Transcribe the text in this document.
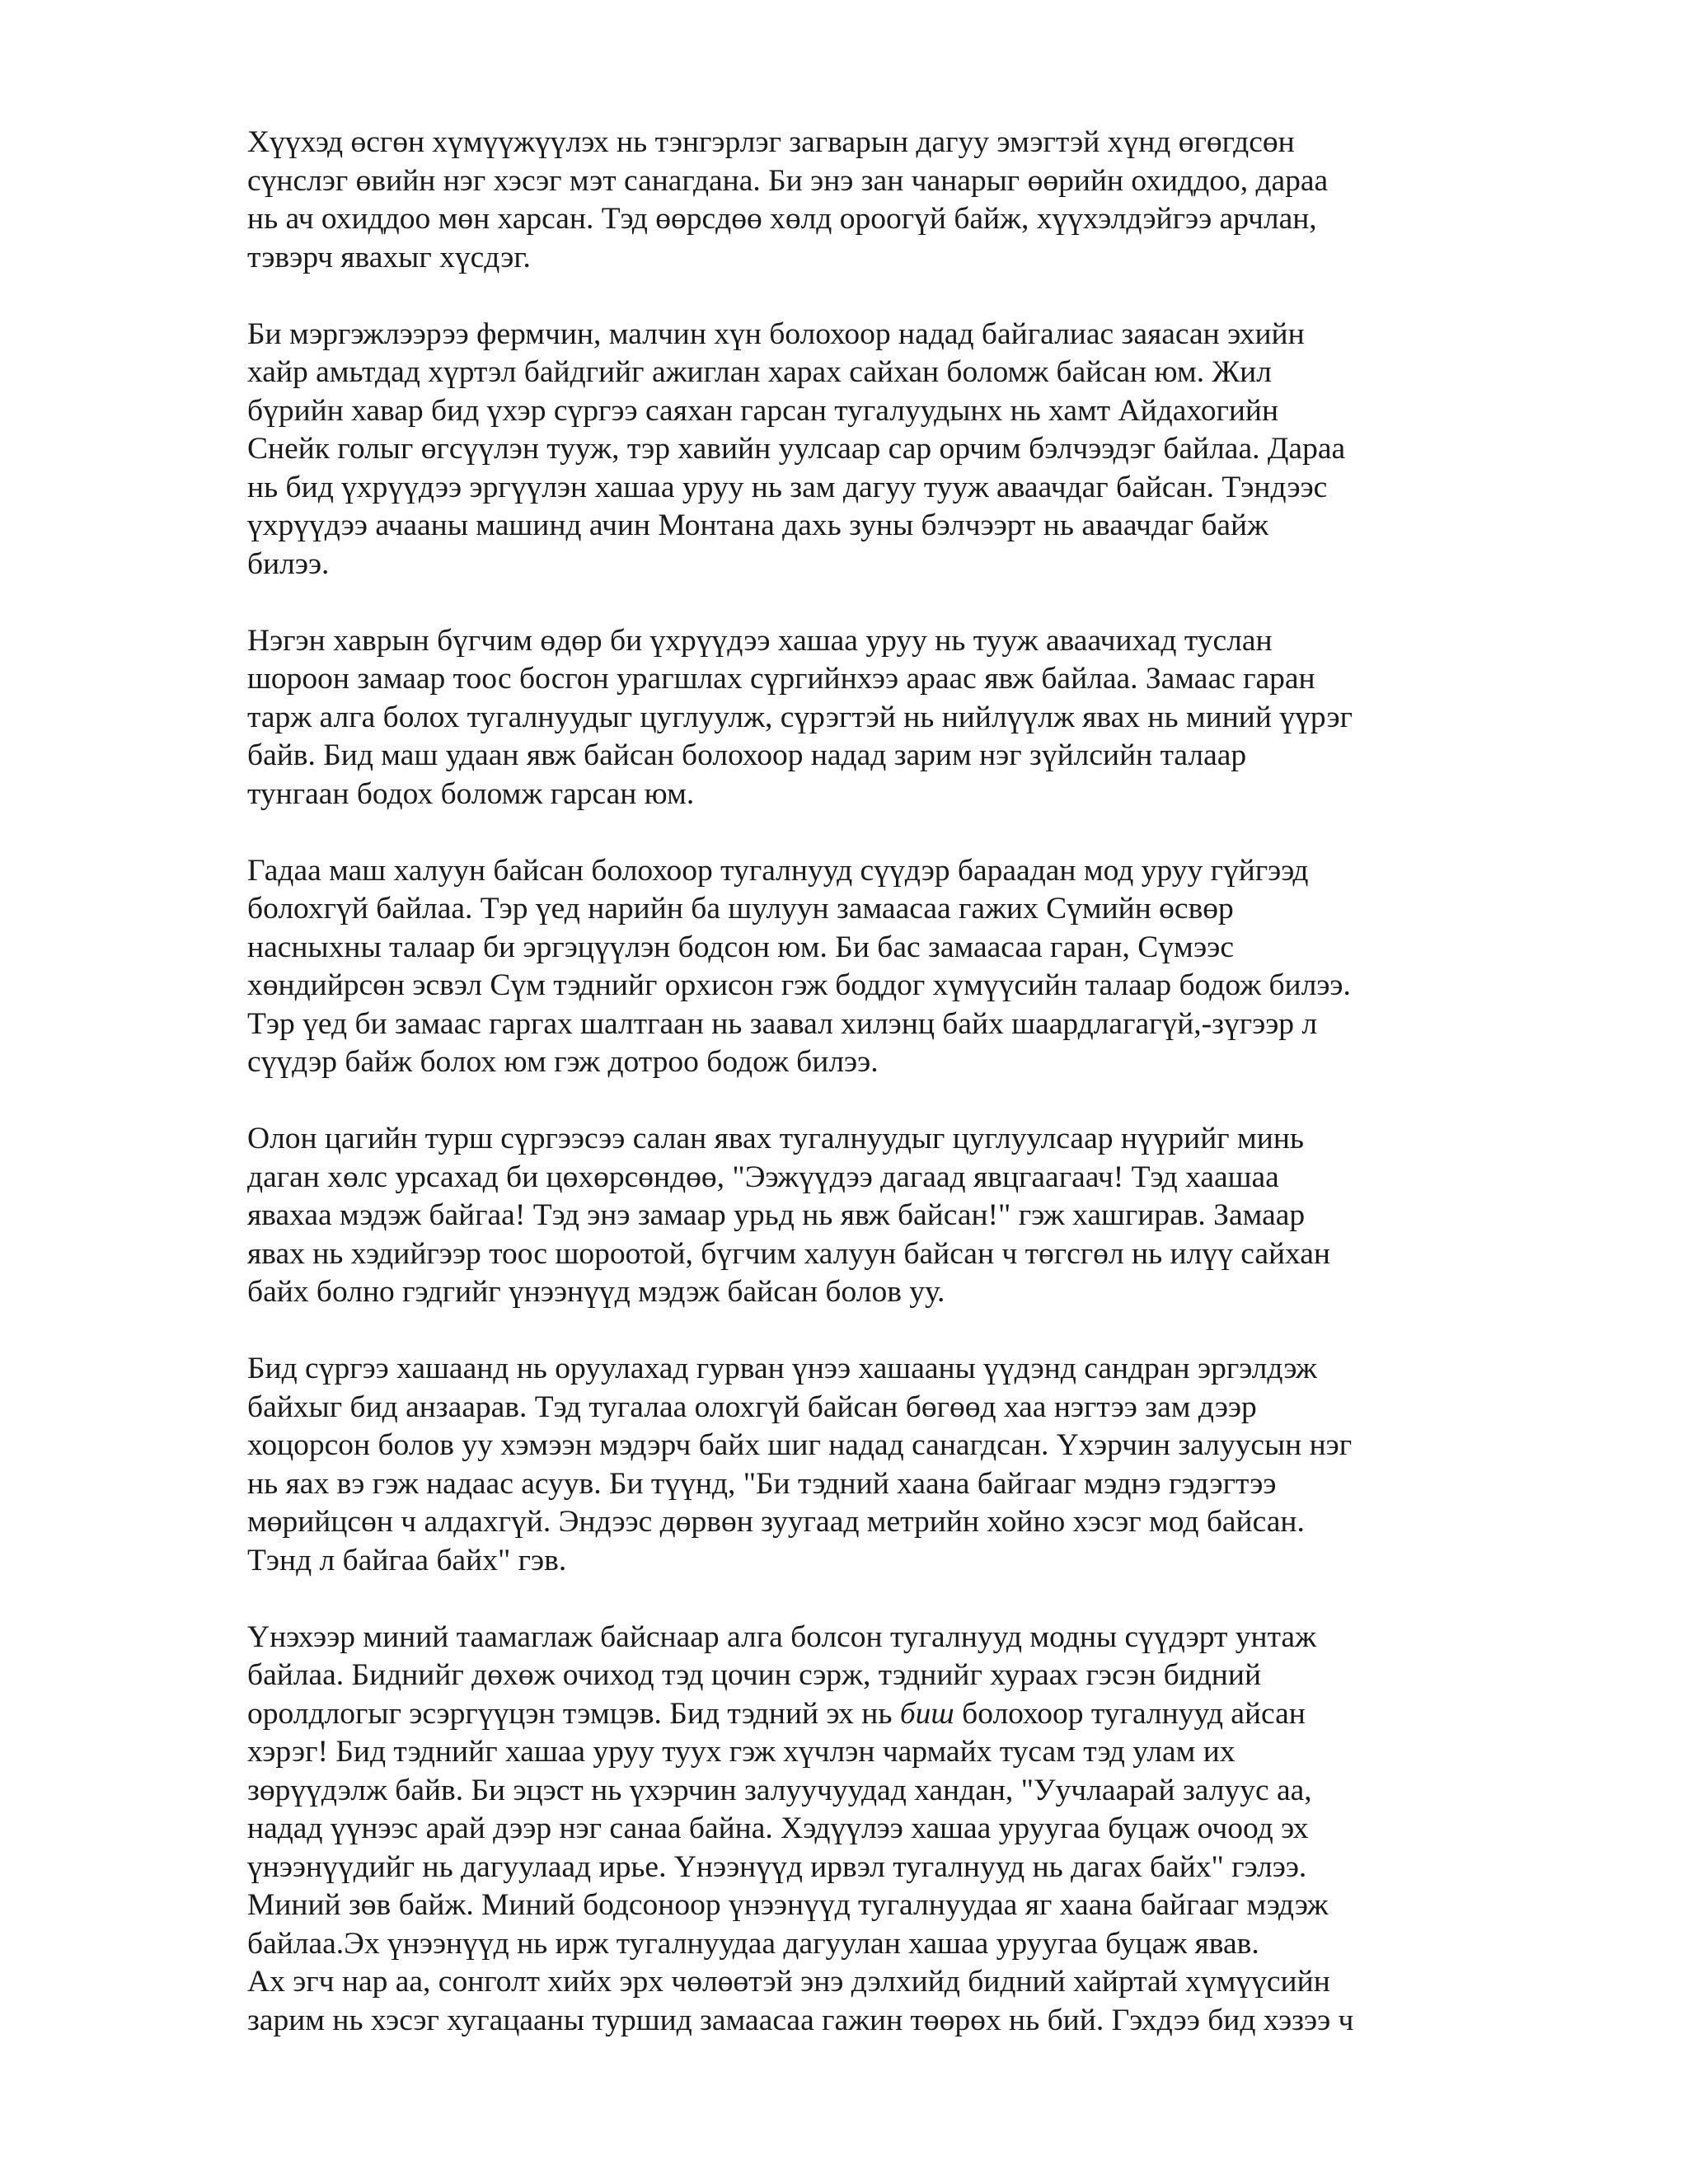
Хүүхэд өсгөн хүмүүжүүлэх нь тэнгэрлэг загварын дагуу эмэгтэй хүнд өгөгдсөн
сүнслэг өвийн нэг хэсэг мэт санагдана. Би энэ зан чанарыг өөрийн охиддоо, дараа
нь ач охиддоо мөн харсан. Тэд өөрсдөө хөлд ороогүй байж, хүүхэлдэйгээ арчлан,
тэвэрч явахыг хүсдэг.

Би мэргэжлээрээ фермчин, малчин хүн болохоор надад байгалиас заяасан эхийн
хайр амьтдад хүртэл байдгийг ажиглан харах сайхан боломж байсан юм. Жил
бүрийн хавар бид үхэр сүргээ саяхан гарсан тугалуудынх нь хамт Айдахогийн
Снейк голыг өгсүүлэн тууж, тэр хавийн уулсаар сар орчим бэлчээдэг байлаа. Дараа
нь бид үхрүүдээ эргүүлэн хашаа уруу нь зам дагуу тууж аваачдаг байсан. Тэндээс
үхрүүдээ ачааны машинд ачин Монтана дахь зуны бэлчээрт нь аваачдаг байж
билээ.

Нэгэн хаврын бүгчим өдөр би үхрүүдээ хашаа уруу нь тууж аваачихад туслан
шороон замаар тоос босгон урагшлах сүргийнхээ араас явж байлаа. Замаас гаран
тарж алга болох тугалнуудыг цуглуулж, сүрэгтэй нь нийлүүлж явах нь миний үүрэг
байв. Бид маш удаан явж байсан болохоор надад зарим нэг зүйлсийн талаар
тунгаан бодох боломж гарсан юм.

Гадаа маш халуун байсан болохоор тугалнууд сүүдэр бараадан мод уруу гүйгээд
болохгүй байлаа. Тэр үед нарийн ба шулуун замаасаа гажих Сүмийн өсвөр
насныхны талаар би эргэцүүлэн бодсон юм. Би бас замаасаа гаран, Сүмээс
хөндийрсөн эсвэл Сүм тэднийг орхисон гэж боддог хүмүүсийн талаар бодож билээ.
Тэр үед би замаас гаргах шалтгаан нь заавал хилэнц байх шаардлагагүй,-зүгээр л
сүүдэр байж болох юм гэж дотроо бодож билээ.

Олон цагийн турш сүргээсээ салан явах тугалнуудыг цуглуулсаар нүүрийг минь
даган хөлс урсахад би цөхөрсөндөө, "Ээжүүдээ дагаад явцгаагаач! Тэд хаашаа
явахаа мэдэж байгаа! Тэд энэ замаар урьд нь явж байсан!" гэж хашгирав. Замаар
явах нь хэдийгээр тоос шороотой, бүгчим халуун байсан ч төгсгөл нь илүү сайхан
байх болно гэдгийг үнээнүүд мэдэж байсан болов уу.

Бид сүргээ хашаанд нь оруулахад гурван үнээ хашааны үүдэнд сандран эргэлдэж
байхыг бид анзаарав. Тэд тугалаа олохгүй байсан бөгөөд хаа нэгтээ зам дээр
хоцорсон болов уу хэмээн мэдэрч байх шиг надад санагдсан. Үхэрчин залуусын нэг
нь яах вэ гэж надаас асуув. Би түүнд, "Би тэдний хаана байгааг мэднэ гэдэгтээ
мөрийцсөн ч алдахгүй. Эндээс дөрвөн зуугаад метрийн хойно хэсэг мод байсан.
Тэнд л байгаа байх" гэв.

Үнэхээр миний таамаглаж байснаар алга болсон тугалнууд модны сүүдэрт унтаж
байлаа. Биднийг дөхөж очиход тэд цочин сэрж, тэднийг хураах гэсэн бидний
оролдлогыг эсэргүүцэн тэмцэв. Бид тэдний эх нь биш болохоор тугалнууд айсан
хэрэг! Бид тэднийг хашаа уруу туух гэж хүчлэн чармайх тусам тэд улам их
зөрүүдэлж байв. Би эцэст нь үхэрчин залуучуудад хандан, "Уучлаарай залуус аа,
надад үүнээс арай дээр нэг санаа байна. Хэдүүлээ хашаа уруугаа буцаж очоод эх
үнээнүүдийг нь дагуулаад ирье. Үнээнүүд ирвэл тугалнууд нь дагах байх" гэлээ.
Миний зөв байж. Миний бодсоноор үнээнүүд тугалнуудаа яг хаана байгааг мэдэж
байлаа.Эх үнээнүүд нь ирж тугалнуудаа дагуулан хашаа уруугаа буцаж явав.
Ах эгч нар аа, сонголт хийх эрх чөлөөтэй энэ дэлхийд бидний хайртай хүмүүсийн
зарим нь хэсэг хугацааны туршид замаасаа гажин төөрөх нь бий. Гэхдээ бид хэзээ ч
